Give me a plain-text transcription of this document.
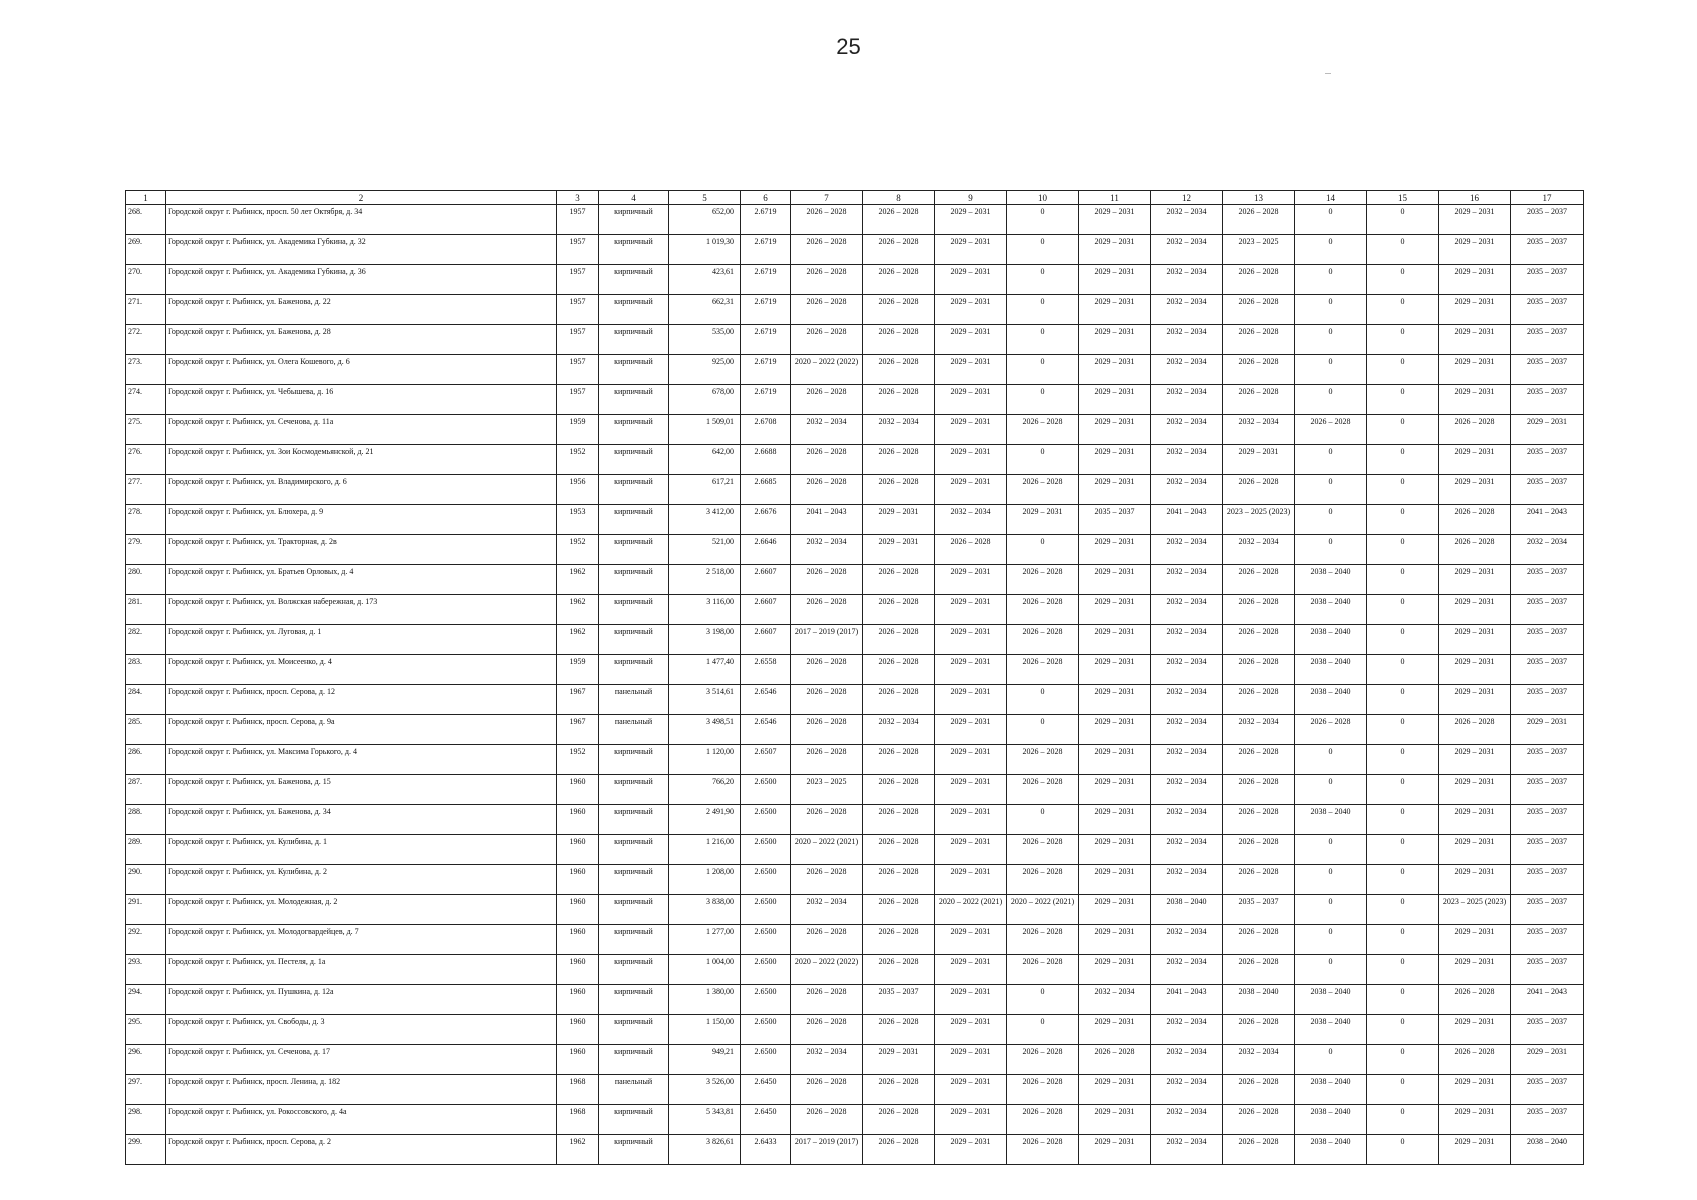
25
1	2	3	4	5	6	7	8	9	10	11	12	13	14	15	16	17
268.	Городской округ г. Рыбинск, просп. 50 лет Октября, д. 34	1957	кирпичный	652,00	2.6719	2026 – 2028	2026 – 2028	2029 – 2031	0	2029 – 2031	2032 – 2034	2026 – 2028	0	0	2029 – 2031	2035 – 2037
269.	Городской округ г. Рыбинск, ул. Академика Губкина, д. 32	1957	кирпичный	1 019,30	2.6719	2026 – 2028	2026 – 2028	2029 – 2031	0	2029 – 2031	2032 – 2034	2023 – 2025	0	0	2029 – 2031	2035 – 2037
270.	Городской округ г. Рыбинск, ул. Академика Губкина, д. 36	1957	кирпичный	423,61	2.6719	2026 – 2028	2026 – 2028	2029 – 2031	0	2029 – 2031	2032 – 2034	2026 – 2028	0	0	2029 – 2031	2035 – 2037
271.	Городской округ г. Рыбинск, ул. Баженова, д. 22	1957	кирпичный	662,31	2.6719	2026 – 2028	2026 – 2028	2029 – 2031	0	2029 – 2031	2032 – 2034	2026 – 2028	0	0	2029 – 2031	2035 – 2037
272.	Городской округ г. Рыбинск, ул. Баженова, д. 28	1957	кирпичный	535,00	2.6719	2026 – 2028	2026 – 2028	2029 – 2031	0	2029 – 2031	2032 – 2034	2026 – 2028	0	0	2029 – 2031	2035 – 2037
273.	Городской округ г. Рыбинск, ул. Олега Кошевого, д. 6	1957	кирпичный	925,00	2.6719	2020 – 2022 (2022)	2026 – 2028	2029 – 2031	0	2029 – 2031	2032 – 2034	2026 – 2028	0	0	2029 – 2031	2035 – 2037
274.	Городской округ г. Рыбинск, ул. Чебышева, д. 16	1957	кирпичный	678,00	2.6719	2026 – 2028	2026 – 2028	2029 – 2031	0	2029 – 2031	2032 – 2034	2026 – 2028	0	0	2029 – 2031	2035 – 2037
275.	Городской округ г. Рыбинск, ул. Сеченова, д. 11а	1959	кирпичный	1 509,01	2.6708	2032 – 2034	2032 – 2034	2029 – 2031	2026 – 2028	2029 – 2031	2032 – 2034	2032 – 2034	2026 – 2028	0	2026 – 2028	2029 – 2031
276.	Городской округ г. Рыбинск, ул. Зои Космодемьянской, д. 21	1952	кирпичный	642,00	2.6688	2026 – 2028	2026 – 2028	2029 – 2031	0	2029 – 2031	2032 – 2034	2029 – 2031	0	0	2029 – 2031	2035 – 2037
277.	Городской округ г. Рыбинск, ул. Владимирского, д. 6	1956	кирпичный	617,21	2.6685	2026 – 2028	2026 – 2028	2029 – 2031	2026 – 2028	2029 – 2031	2032 – 2034	2026 – 2028	0	0	2029 – 2031	2035 – 2037
278.	Городской округ г. Рыбинск, ул. Блюхера, д. 9	1953	кирпичный	3 412,00	2.6676	2041 – 2043	2029 – 2031	2032 – 2034	2029 – 2031	2035 – 2037	2041 – 2043	2023 – 2025 (2023)	0	0	2026 – 2028	2041 – 2043
279.	Городской округ г. Рыбинск, ул. Тракторная, д. 2в	1952	кирпичный	521,00	2.6646	2032 – 2034	2029 – 2031	2026 – 2028	0	2029 – 2031	2032 – 2034	2032 – 2034	0	0	2026 – 2028	2032 – 2034
280.	Городской округ г. Рыбинск, ул. Братьев Орловых, д. 4	1962	кирпичный	2 518,00	2.6607	2026 – 2028	2026 – 2028	2029 – 2031	2026 – 2028	2029 – 2031	2032 – 2034	2026 – 2028	2038 – 2040	0	2029 – 2031	2035 – 2037
281.	Городской округ г. Рыбинск, ул. Волжская набережная, д. 173	1962	кирпичный	3 116,00	2.6607	2026 – 2028	2026 – 2028	2029 – 2031	2026 – 2028	2029 – 2031	2032 – 2034	2026 – 2028	2038 – 2040	0	2029 – 2031	2035 – 2037
282.	Городской округ г. Рыбинск, ул. Луговая, д. 1	1962	кирпичный	3 198,00	2.6607	2017 – 2019 (2017)	2026 – 2028	2029 – 2031	2026 – 2028	2029 – 2031	2032 – 2034	2026 – 2028	2038 – 2040	0	2029 – 2031	2035 – 2037
283.	Городской округ г. Рыбинск, ул. Моисеенко, д. 4	1959	кирпичный	1 477,40	2.6558	2026 – 2028	2026 – 2028	2029 – 2031	2026 – 2028	2029 – 2031	2032 – 2034	2026 – 2028	2038 – 2040	0	2029 – 2031	2035 – 2037
284.	Городской округ г. Рыбинск, просп. Серова, д. 12	1967	панельный	3 514,61	2.6546	2026 – 2028	2026 – 2028	2029 – 2031	0	2029 – 2031	2032 – 2034	2026 – 2028	2038 – 2040	0	2029 – 2031	2035 – 2037
285.	Городской округ г. Рыбинск, просп. Серова, д. 9а	1967	панельный	3 498,51	2.6546	2026 – 2028	2032 – 2034	2029 – 2031	0	2029 – 2031	2032 – 2034	2032 – 2034	2026 – 2028	0	2026 – 2028	2029 – 2031
286.	Городской округ г. Рыбинск, ул. Максима Горького, д. 4	1952	кирпичный	1 120,00	2.6507	2026 – 2028	2026 – 2028	2029 – 2031	2026 – 2028	2029 – 2031	2032 – 2034	2026 – 2028	0	0	2029 – 2031	2035 – 2037
287.	Городской округ г. Рыбинск, ул. Баженова, д. 15	1960	кирпичный	766,20	2.6500	2023 – 2025	2026 – 2028	2029 – 2031	2026 – 2028	2029 – 2031	2032 – 2034	2026 – 2028	0	0	2029 – 2031	2035 – 2037
288.	Городской округ г. Рыбинск, ул. Баженова, д. 34	1960	кирпичный	2 491,90	2.6500	2026 – 2028	2026 – 2028	2029 – 2031	0	2029 – 2031	2032 – 2034	2026 – 2028	2038 – 2040	0	2029 – 2031	2035 – 2037
289.	Городской округ г. Рыбинск, ул. Кулибина, д. 1	1960	кирпичный	1 216,00	2.6500	2020 – 2022 (2021)	2026 – 2028	2029 – 2031	2026 – 2028	2029 – 2031	2032 – 2034	2026 – 2028	0	0	2029 – 2031	2035 – 2037
290.	Городской округ г. Рыбинск, ул. Кулибина, д. 2	1960	кирпичный	1 208,00	2.6500	2026 – 2028	2026 – 2028	2029 – 2031	2026 – 2028	2029 – 2031	2032 – 2034	2026 – 2028	0	0	2029 – 2031	2035 – 2037
291.	Городской округ г. Рыбинск, ул. Молодежная, д. 2	1960	кирпичный	3 838,00	2.6500	2032 – 2034	2026 – 2028	2020 – 2022 (2021)	2020 – 2022 (2021)	2029 – 2031	2038 – 2040	2035 – 2037	0	0	2023 – 2025 (2023)	2035 – 2037
292.	Городской округ г. Рыбинск, ул. Молодогвардейцев, д. 7	1960	кирпичный	1 277,00	2.6500	2026 – 2028	2026 – 2028	2029 – 2031	2026 – 2028	2029 – 2031	2032 – 2034	2026 – 2028	0	0	2029 – 2031	2035 – 2037
293.	Городской округ г. Рыбинск, ул. Пестеля, д. 1а	1960	кирпичный	1 004,00	2.6500	2020 – 2022 (2022)	2026 – 2028	2029 – 2031	2026 – 2028	2029 – 2031	2032 – 2034	2026 – 2028	0	0	2029 – 2031	2035 – 2037
294.	Городской округ г. Рыбинск, ул. Пушкина, д. 12а	1960	кирпичный	1 380,00	2.6500	2026 – 2028	2035 – 2037	2029 – 2031	0	2032 – 2034	2041 – 2043	2038 – 2040	2038 – 2040	0	2026 – 2028	2041 – 2043
295.	Городской округ г. Рыбинск, ул. Свободы, д. 3	1960	кирпичный	1 150,00	2.6500	2026 – 2028	2026 – 2028	2029 – 2031	0	2029 – 2031	2032 – 2034	2026 – 2028	2038 – 2040	0	2029 – 2031	2035 – 2037
296.	Городской округ г. Рыбинск, ул. Сеченова, д. 17	1960	кирпичный	949,21	2.6500	2032 – 2034	2029 – 2031	2029 – 2031	2026 – 2028	2026 – 2028	2032 – 2034	2032 – 2034	0	0	2026 – 2028	2029 – 2031
297.	Городской округ г. Рыбинск, просп. Ленина, д. 182	1968	панельный	3 526,00	2.6450	2026 – 2028	2026 – 2028	2029 – 2031	2026 – 2028	2029 – 2031	2032 – 2034	2026 – 2028	2038 – 2040	0	2029 – 2031	2035 – 2037
298.	Городской округ г. Рыбинск, ул. Рокоссовского, д. 4а	1968	кирпичный	5 343,81	2.6450	2026 – 2028	2026 – 2028	2029 – 2031	2026 – 2028	2029 – 2031	2032 – 2034	2026 – 2028	2038 – 2040	0	2029 – 2031	2035 – 2037
299.	Городской округ г. Рыбинск, просп. Серова, д. 2	1962	кирпичный	3 826,61	2.6433	2017 – 2019 (2017)	2026 – 2028	2029 – 2031	2026 – 2028	2029 – 2031	2032 – 2034	2026 – 2028	2038 – 2040	0	2029 – 2031	2038 – 2040
